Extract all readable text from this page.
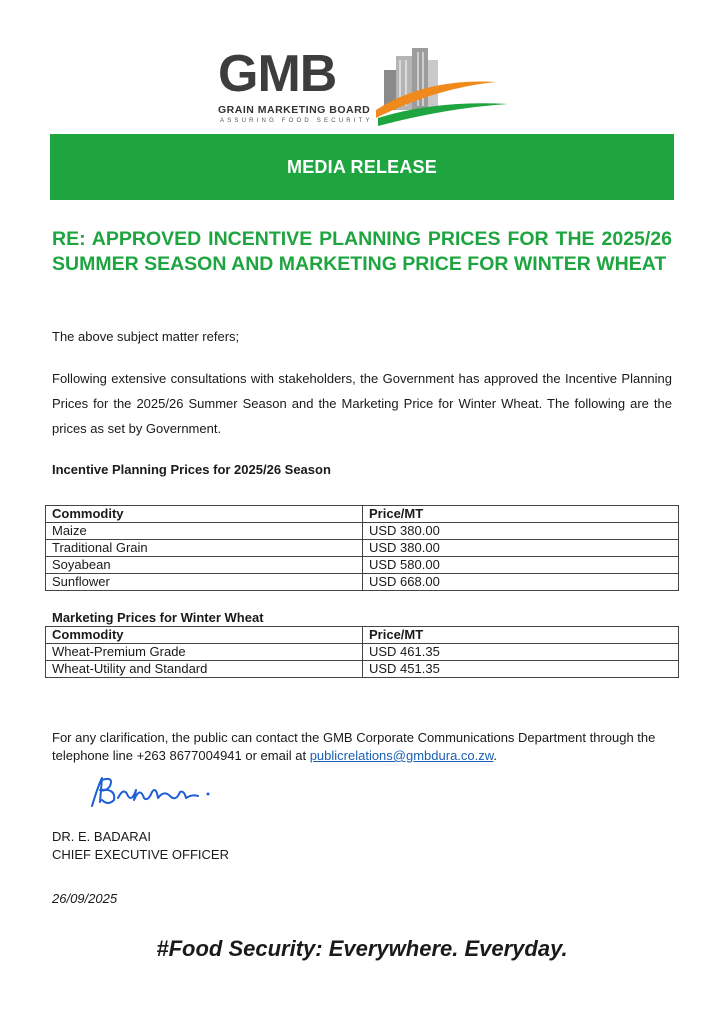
GMB
GRAIN MARKETING BOARD
ASSURING FOOD SECURITY
MEDIA RELEASE
RE: APPROVED INCENTIVE PLANNING PRICES FOR THE 2025/26 SUMMER SEASON AND MARKETING PRICE FOR WINTER WHEAT
The above subject matter refers;
Following extensive consultations with stakeholders, the Government has approved the Incentive Planning Prices for the 2025/26 Summer Season and the Marketing Price for Winter Wheat. The following are the prices as set by Government.
Incentive Planning Prices for 2025/26 Season
Commodity	Price/MT
Maize	USD 380.00
Traditional Grain	USD 380.00
Soyabean	USD 580.00
Sunflower	USD 668.00
Marketing Prices for Winter Wheat
Commodity	Price/MT
Wheat-Premium Grade	USD 461.35
Wheat-Utility and Standard	USD 451.35
For any clarification, the public can contact the GMB Corporate Communications Department through the telephone line +263 8677004941 or email at publicrelations@gmbdura.co.zw.
DR. E. BADARAI
CHIEF EXECUTIVE OFFICER
26/09/2025
#Food Security: Everywhere. Everyday.
